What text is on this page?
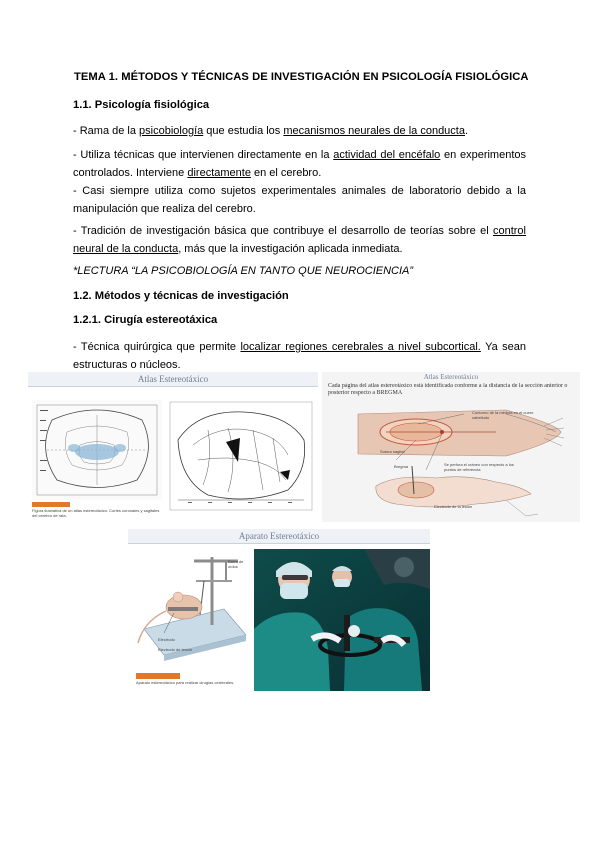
TEMA 1. MÉTODOS Y TÉCNICAS DE INVESTIGACIÓN EN PSICOLOGÍA FISIOLÓGICA
1.1. Psicología fisiológica
- Rama de la psicobiología que estudia los mecanismos neurales de la conducta.
- Utiliza técnicas que intervienen directamente en la actividad del encéfalo en experimentos
controlados. Interviene directamente en el cerebro.
- Casi siempre utiliza como sujetos experimentales animales de laboratorio debido a la
manipulación que realiza del cerebro.
- Tradición de investigación básica que contribuye el desarrollo de teorías sobre el control
neural de la conducta, más que la investigación aplicada inmediata.
*LECTURA “LA PSICOBIOLOGÍA EN TANTO QUE NEUROCIENCIA”
1.2. Métodos y técnicas de investigación
1.2.1. Cirugía estereotáxica
- Técnica quirúrgica que permite localizar regiones cerebrales a nivel subcortical. Ya sean
estructuras o núcleos.
Atlas Estereotáxico
Figura ilustrativa de un atlas estereotáxico. Cortes coronales y sagitales del cerebro de rata.
Atlas Estereotáxico
Cada página del atlas estereotáxico está identificada conforme a la distancia de la sección anterior o posterior respecto a BREGMA
Contorno de la médula en el cuero cabelludo
Sutura sagital
Bregma	Se perfora el cráneo con respecto a los puntos de referencia
Electrodo de la lesión
Aparato Estereotáxico
Barra de oídos
Electrodo
Electrodo de lesión
Aparato estereotáxico para realizar cirugías cerebrales.
